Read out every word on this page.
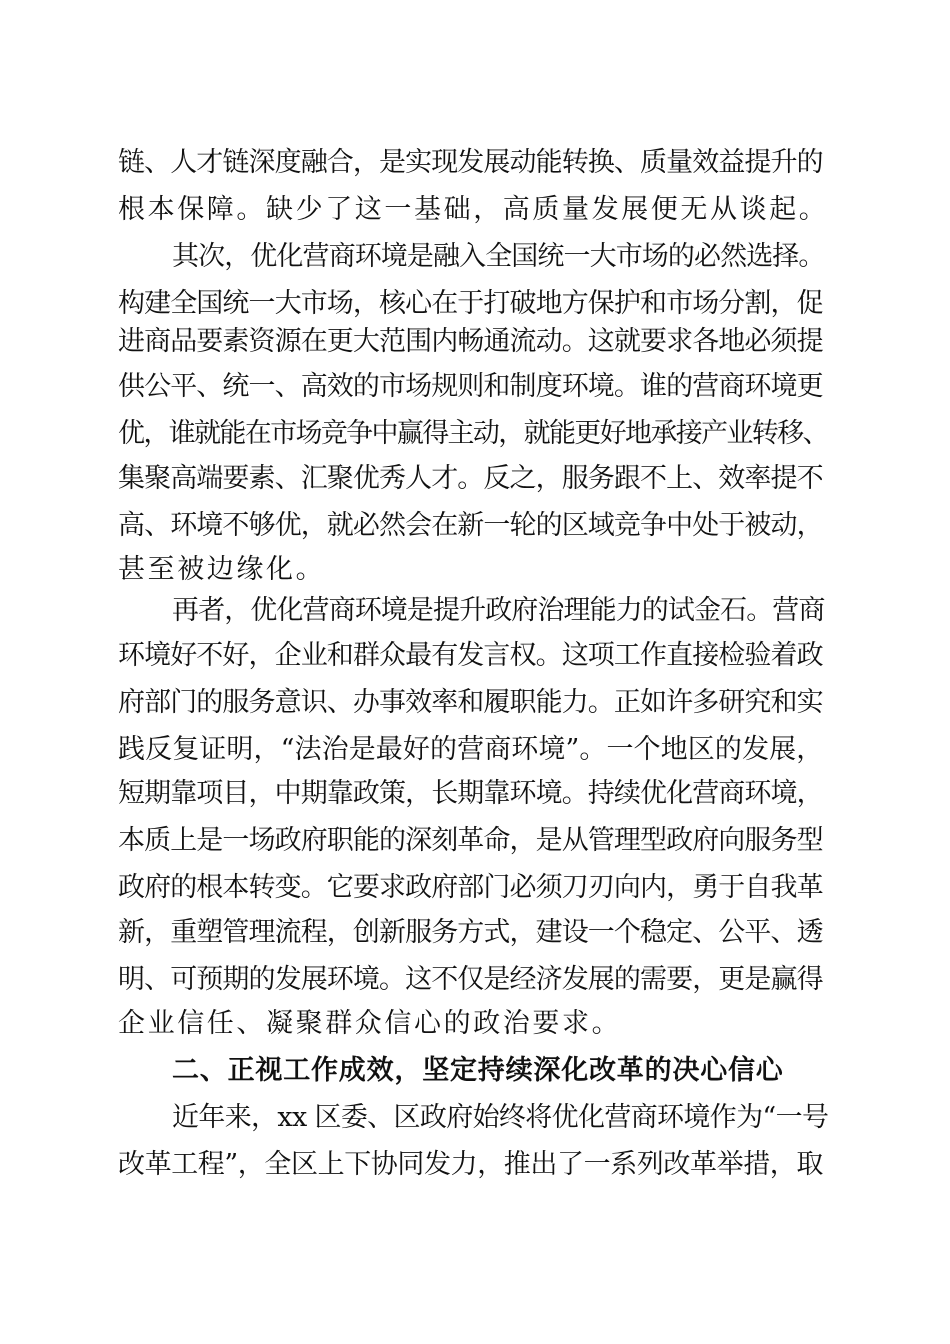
链、人才链深度融合，是实现发展动能转换、质量效益提升的
根本保障。缺少了这一基础，高质量发展便无从谈起。
其次，优化营商环境是融入全国统一大市场的必然选择。
构建全国统一大市场，核心在于打破地方保护和市场分割，促
进商品要素资源在更大范围内畅通流动。这就要求各地必须提
供公平、统一、高效的市场规则和制度环境。谁的营商环境更
优，谁就能在市场竞争中赢得主动，就能更好地承接产业转移、
集聚高端要素、汇聚优秀人才。反之，服务跟不上、效率提不
高、环境不够优，就必然会在新一轮的区域竞争中处于被动，
甚至被边缘化。
再者，优化营商环境是提升政府治理能力的试金石。营商
环境好不好，企业和群众最有发言权。这项工作直接检验着政
府部门的服务意识、办事效率和履职能力。正如许多研究和实
践反复证明，“法治是最好的营商环境”。一个地区的发展，
短期靠项目，中期靠政策，长期靠环境。持续优化营商环境，
本质上是一场政府职能的深刻革命，是从管理型政府向服务型
政府的根本转变。它要求政府部门必须刀刃向内，勇于自我革
新，重塑管理流程，创新服务方式，建设一个稳定、公平、透
明、可预期的发展环境。这不仅是经济发展的需要，更是赢得
企业信任、凝聚群众信心的政治要求。
二、正视工作成效，坚定持续深化改革的决心信心
近年来，xx 区委、区政府始终将优化营商环境作为“一号
改革工程”，全区上下协同发力，推出了一系列改革举措，取
